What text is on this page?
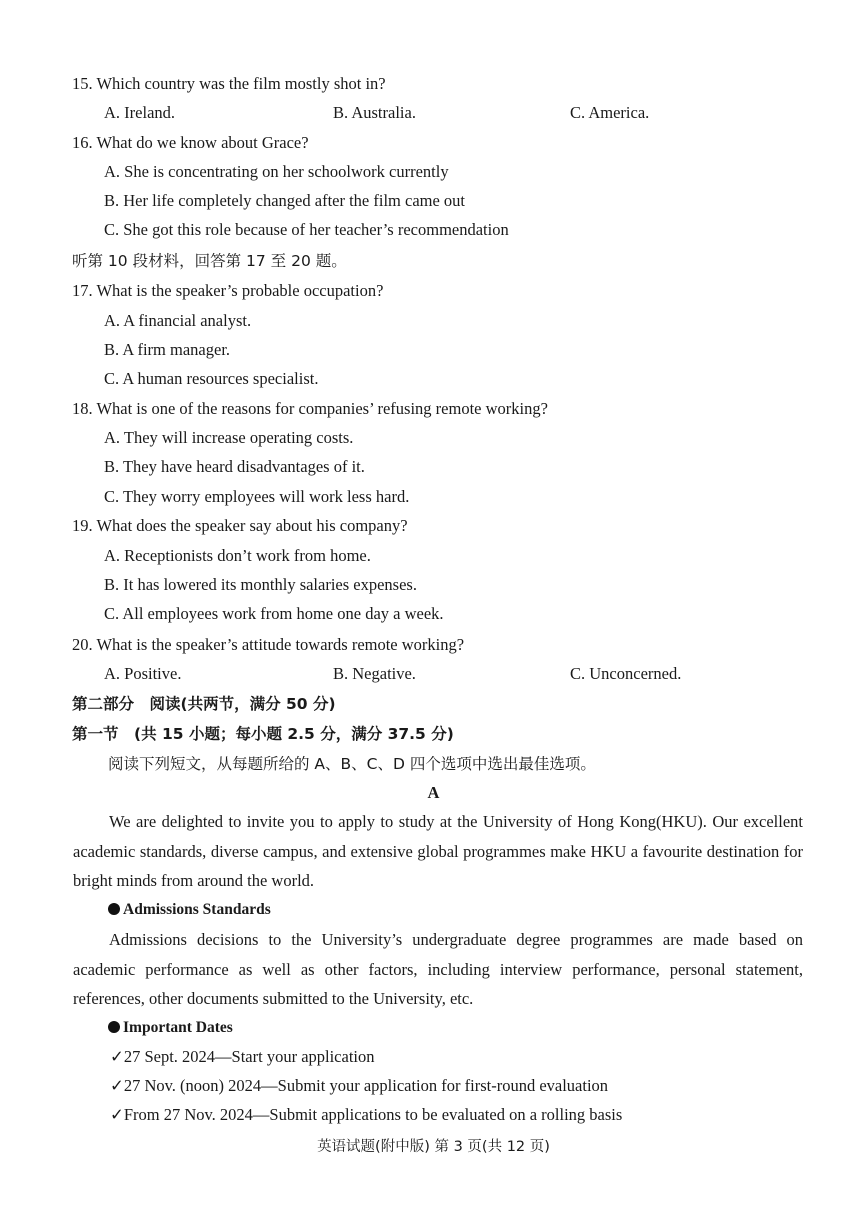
15. Which country was the film mostly shot in?
A. Ireland.	B. Australia.	C. America.
16. What do we know about Grace?
A. She is concentrating on her schoolwork currently
B. Her life completely changed after the film came out
C. She got this role because of her teacher’s recommendation
听第 10 段材料，回答第 17 至 20 题。
17. What is the speaker’s probable occupation?
A. A financial analyst.
B. A firm manager.
C. A human resources specialist.
18. What is one of the reasons for companies’ refusing remote working?
A. They will increase operating costs.
B. They have heard disadvantages of it.
C. They worry employees will work less hard.
19. What does the speaker say about his company?
A. Receptionists don’t work from home.
B. It has lowered its monthly salaries expenses.
C. All employees work from home one day a week.
20. What is the speaker’s attitude towards remote working?
A. Positive.	B. Negative.	C. Unconcerned.
第二部分　阅读(共两节，满分 50 分)
第一节　(共 15 小题；每小题 2.5 分，满分 37.5 分)
阅读下列短文，从每题所给的 A、B、C、D 四个选项中选出最佳选项。
A
We are delighted to invite you to apply to study at the University of Hong Kong(HKU). Our excellent academic standards, diverse campus, and extensive global programmes make HKU a favourite destination for bright minds from around the world.
Admissions Standards
Admissions decisions to the University’s undergraduate degree programmes are made based on academic performance as well as other factors, including interview performance, personal statement, references, other documents submitted to the University, etc.
Important Dates
✓27 Sept. 2024—Start your application
✓27 Nov. (noon) 2024—Submit your application for first-round evaluation
✓From 27 Nov. 2024—Submit applications to be evaluated on a rolling basis
英语试题(附中版) 第 3 页(共 12 页)
